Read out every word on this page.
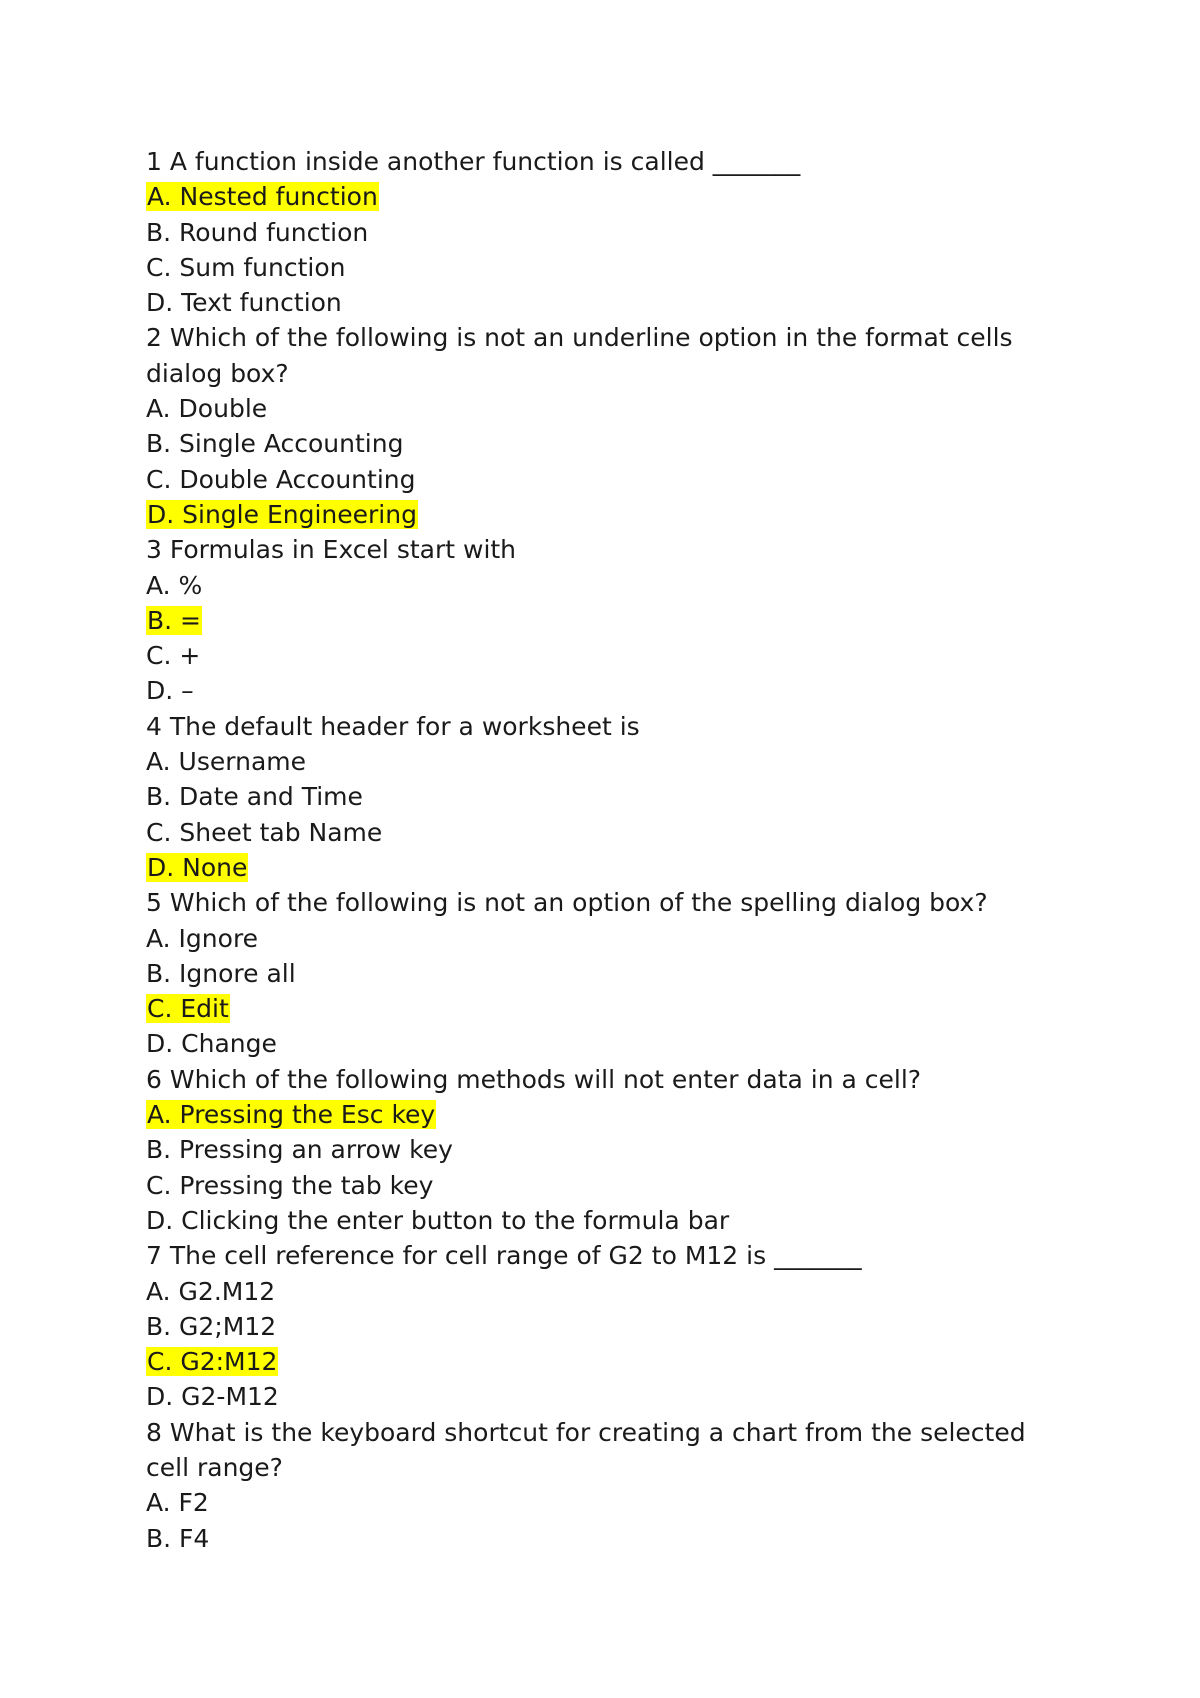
1 A function inside another function is called _______

A. Nested function
B. Round function
C. Sum function
D. Text function

2 Which of the following is not an underline option in the format cells dialog box?

A. Double
B. Single Accounting
C. Double Accounting
D. Single Engineering

3 Formulas in Excel start with

A. %
B. =
C. +
D. –

4 The default header for a worksheet is

A. Username
B. Date and Time
C. Sheet tab Name
D. None

5 Which of the following is not an option of the spelling dialog box?

A. Ignore
B. Ignore all
C. Edit
D. Change

6 Which of the following methods will not enter data in a cell?

A. Pressing the Esc key
B. Pressing an arrow key
C. Pressing the tab key
D. Clicking the enter button to the formula bar

7 The cell reference for cell range of G2 to M12 is _______

A. G2.M12
B. G2;M12
C. G2:M12
D. G2-M12

8 What is the keyboard shortcut for creating a chart from the selected cell range?

A. F2
B. F4
